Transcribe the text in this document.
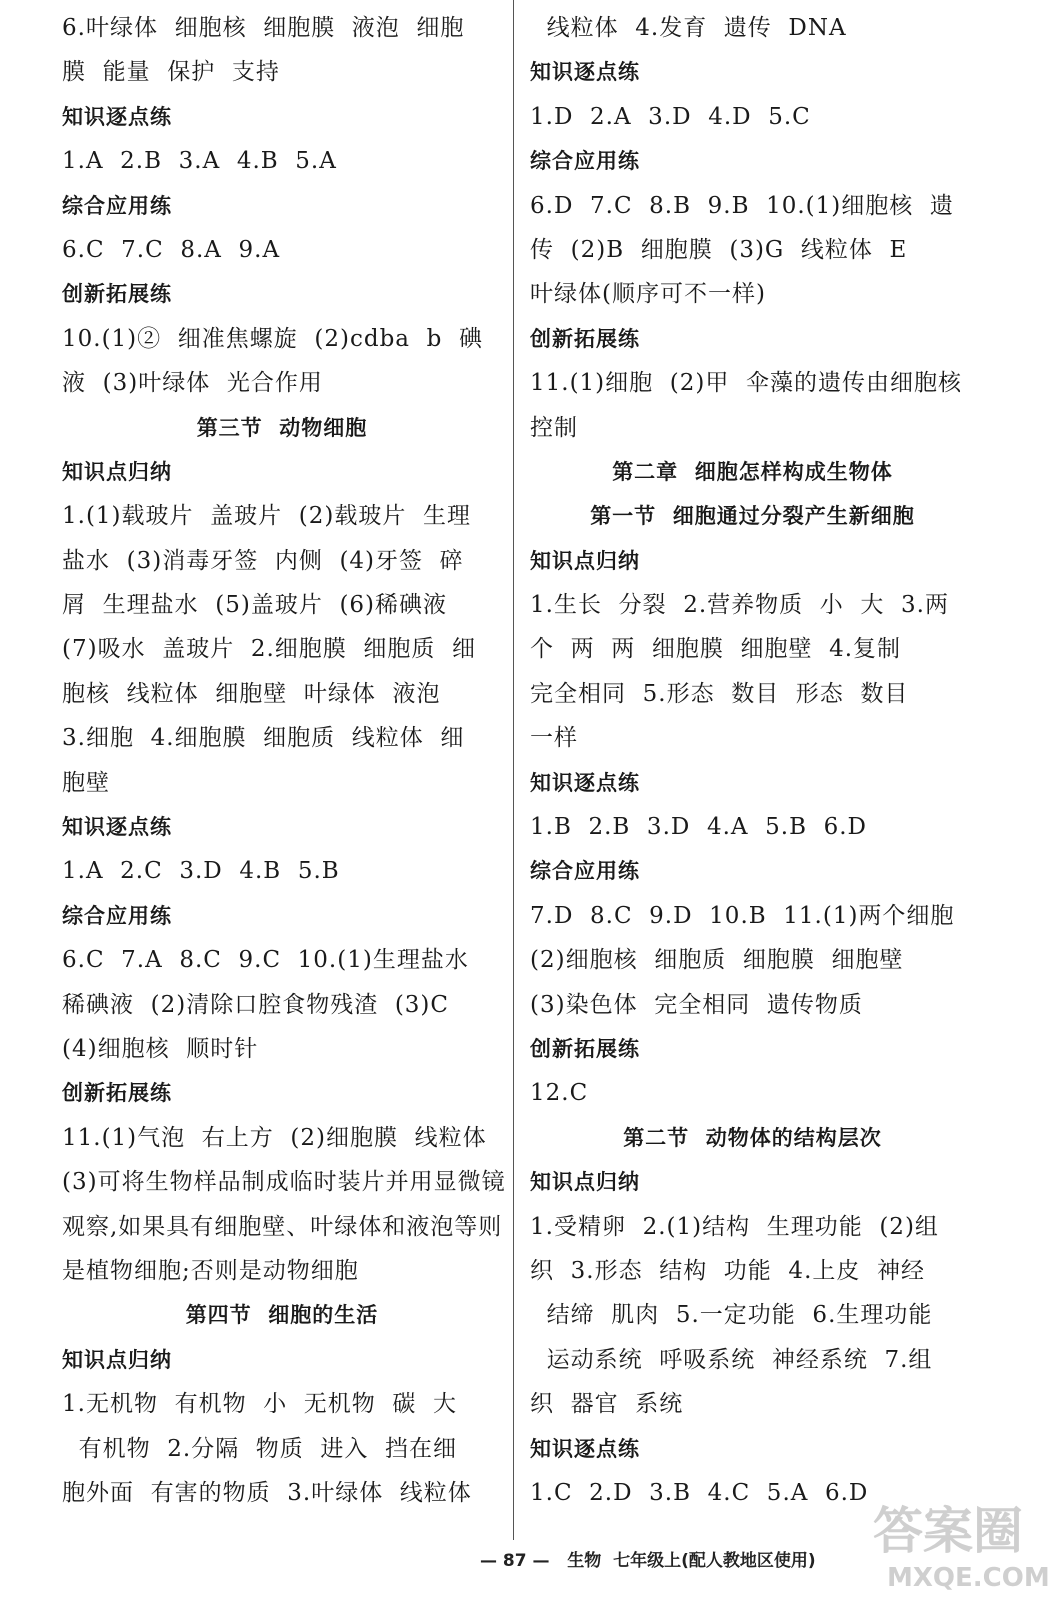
6.叶绿体  细胞核  细胞膜  液泡  细胞
膜  能量  保护  支持
知识逐点练
1.A  2.B  3.A  4.B  5.A
综合应用练
6.C  7.C  8.A  9.A
创新拓展练
10.(1)②  细准焦螺旋  (2)cdba  b  碘
液  (3)叶绿体  光合作用
第三节  动物细胞
知识点归纳
1.(1)载玻片  盖玻片  (2)载玻片  生理
盐水  (3)消毒牙签  内侧  (4)牙签  碎
屑  生理盐水  (5)盖玻片  (6)稀碘液
(7)吸水  盖玻片  2.细胞膜  细胞质  细
胞核  线粒体  细胞壁  叶绿体  液泡
3.细胞  4.细胞膜  细胞质  线粒体  细
胞壁
知识逐点练
1.A  2.C  3.D  4.B  5.B
综合应用练
6.C  7.A  8.C  9.C  10.(1)生理盐水
稀碘液  (2)清除口腔食物残渣  (3)C
(4)细胞核  顺时针
创新拓展练
11.(1)气泡  右上方  (2)细胞膜  线粒体
(3)可将生物样品制成临时装片并用显微镜
观察,如果具有细胞壁、叶绿体和液泡等则
是植物细胞;否则是动物细胞
第四节  细胞的生活
知识点归纳
1.无机物  有机物  小  无机物  碳  大
有机物  2.分隔  物质  进入  挡在细
胞外面  有害的物质  3.叶绿体  线粒体
线粒体  4.发育  遗传  DNA
知识逐点练
1.D  2.A  3.D  4.D  5.C
综合应用练
6.D  7.C  8.B  9.B  10.(1)细胞核  遗
传  (2)B  细胞膜  (3)G  线粒体  E
叶绿体(顺序可不一样)
创新拓展练
11.(1)细胞  (2)甲  伞藻的遗传由细胞核
控制
第二章  细胞怎样构成生物体
第一节  细胞通过分裂产生新细胞
知识点归纳
1.生长  分裂  2.营养物质  小  大  3.两
个  两  两  细胞膜  细胞壁  4.复制
完全相同  5.形态  数目  形态  数目
一样
知识逐点练
1.B  2.B  3.D  4.A  5.B  6.D
综合应用练
7.D  8.C  9.D  10.B  11.(1)两个细胞
(2)细胞核  细胞质  细胞膜  细胞壁
(3)染色体  完全相同  遗传物质
创新拓展练
12.C
第二节  动物体的结构层次
知识点归纳
1.受精卵  2.(1)结构  生理功能  (2)组
织  3.形态  结构  功能  4.上皮  神经
结缔  肌肉  5.一定功能  6.生理功能
运动系统  呼吸系统  神经系统  7.组
织  器官  系统
知识逐点练
1.C  2.D  3.B  4.C  5.A  6.D
— 87 — 生物  七年级上(配人教地区使用)
答案圈
MXQE.COM
